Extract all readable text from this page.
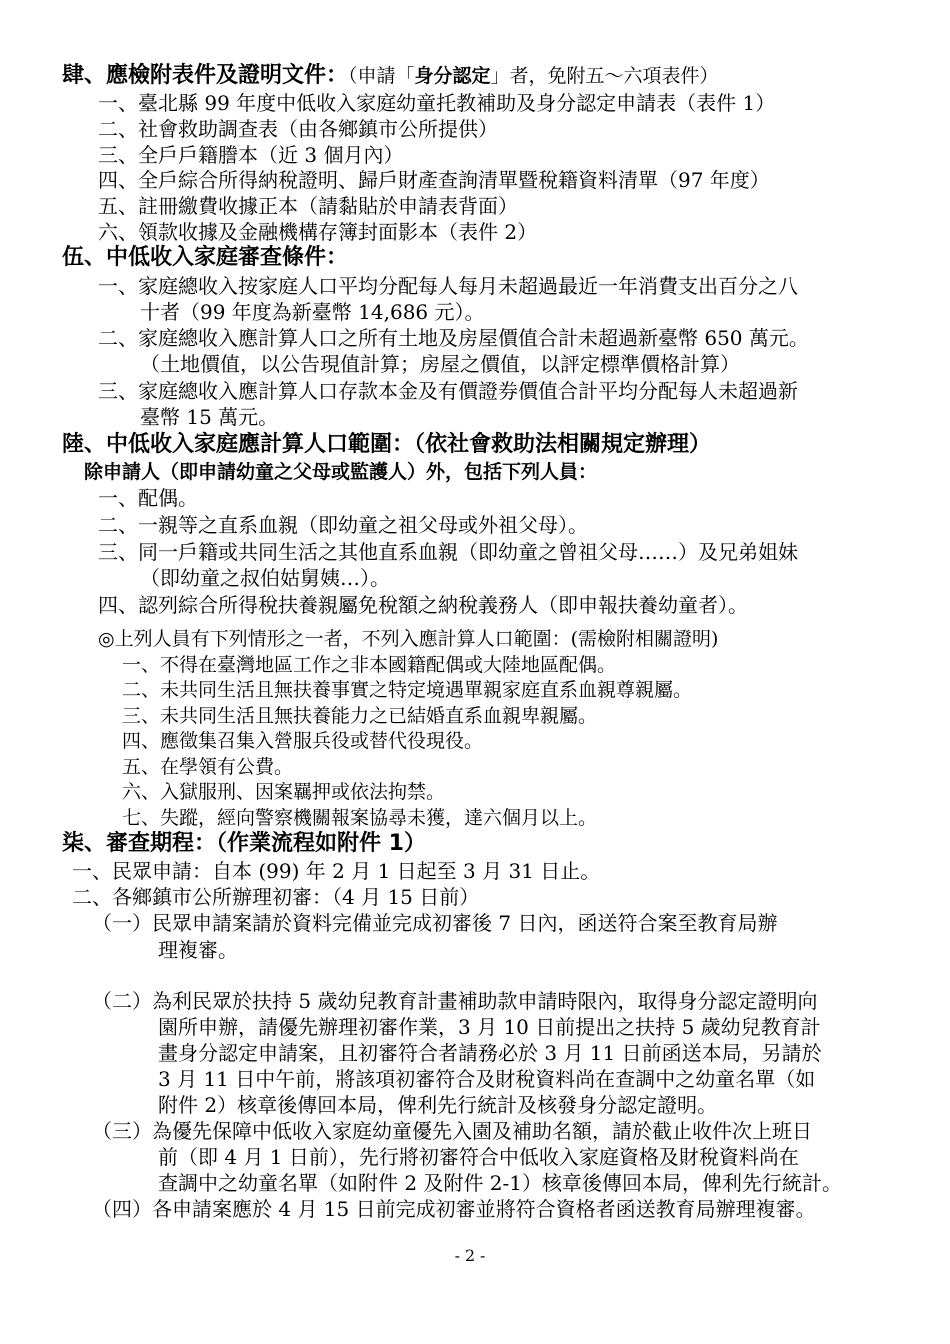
肆、應檢附表件及證明文件：（申請「身分認定」者，免附五～六項表件）
一、臺北縣 99 年度中低收入家庭幼童托教補助及身分認定申請表（表件 1）
二、社會救助調查表（由各鄉鎮市公所提供）
三、全戶戶籍謄本（近 3 個月內）
四、全戶綜合所得納稅證明、歸戶財產查詢清單暨稅籍資料清單（97 年度）
五、註冊繳費收據正本（請黏貼於申請表背面）
六、領款收據及金融機構存簿封面影本（表件 2）
伍、中低收入家庭審查條件：
一、家庭總收入按家庭人口平均分配每人每月未超過最近一年消費支出百分之八
十者（99 年度為新臺幣 14,686 元）。
二、家庭總收入應計算人口之所有土地及房屋價值合計未超過新臺幣 650 萬元。
（土地價值，以公告現值計算；房屋之價值，以評定標準價格計算）
三、家庭總收入應計算人口存款本金及有價證券價值合計平均分配每人未超過新
臺幣 15 萬元。
陸、中低收入家庭應計算人口範圍：（依社會救助法相關規定辦理）
除申請人（即申請幼童之父母或監護人）外，包括下列人員：
一、配偶。
二、一親等之直系血親（即幼童之祖父母或外祖父母）。
三、同一戶籍或共同生活之其他直系血親（即幼童之曾祖父母……）及兄弟姐妹
（即幼童之叔伯姑舅姨…）。
四、認列綜合所得稅扶養親屬免稅額之納稅義務人（即申報扶養幼童者）。
◎上列人員有下列情形之一者，不列入應計算人口範圍：(需檢附相關證明)
一、不得在臺灣地區工作之非本國籍配偶或大陸地區配偶。
二、未共同生活且無扶養事實之特定境遇單親家庭直系血親尊親屬。
三、未共同生活且無扶養能力之已結婚直系血親卑親屬。
四、應徵集召集入營服兵役或替代役現役。
五、在學領有公費。
六、入獄服刑、因案羈押或依法拘禁。
七、失蹤，經向警察機關報案協尋未獲，達六個月以上。
柒、審查期程：（作業流程如附件 1）
一、民眾申請：自本 (99) 年 2 月 1 日起至 3 月 31 日止。
二、各鄉鎮市公所辦理初審：（4 月 15 日前）
（一）民眾申請案請於資料完備並完成初審後 7 日內，函送符合案至教育局辦
理複審。
（二）為利民眾於扶持 5 歲幼兒教育計畫補助款申請時限內，取得身分認定證明向
園所申辦，請優先辦理初審作業，3 月 10 日前提出之扶持 5 歲幼兒教育計
畫身分認定申請案，且初審符合者請務必於 3 月 11 日前函送本局，另請於
3 月 11 日中午前，將該項初審符合及財稅資料尚在查調中之幼童名單（如
附件 2）核章後傳回本局，俾利先行統計及核發身分認定證明。
（三）為優先保障中低收入家庭幼童優先入園及補助名額，請於截止收件次上班日
前（即 4 月 1 日前），先行將初審符合中低收入家庭資格及財稅資料尚在
查調中之幼童名單（如附件 2 及附件 2-1）核章後傳回本局，俾利先行統計。
（四）各申請案應於 4 月 15 日前完成初審並將符合資格者函送教育局辦理複審。
- 2 -
